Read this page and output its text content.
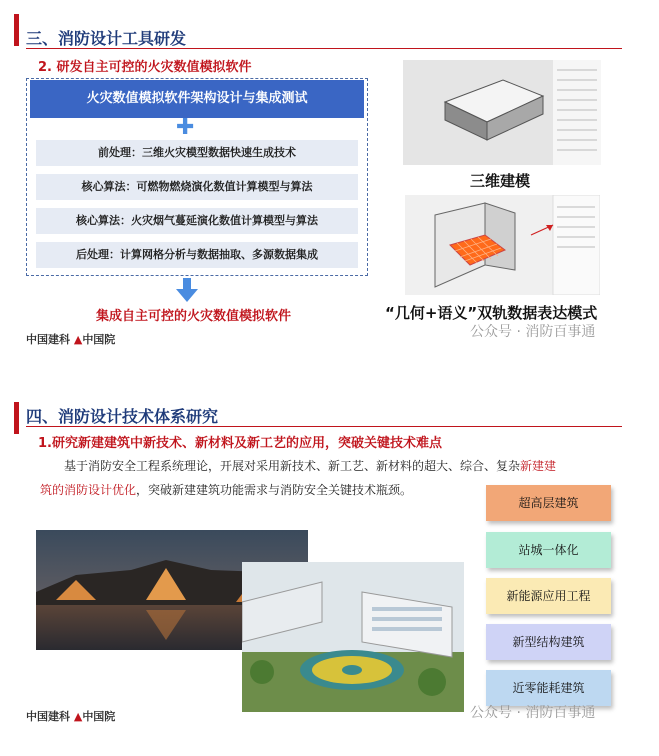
三、消防设计工具研发
2. 研发自主可控的火灾数值模拟软件
火灾数值模拟软件架构设计与集成测试
✚
前处理：三维火灾模型数据快速生成技术
核心算法：可燃物燃烧演化数值计算模型与算法
核心算法：火灾烟气蔓延演化数值计算模型与算法
后处理：计算网格分析与数据抽取、多源数据集成
集成自主可控的火灾数值模拟软件
三维建模
“几何+语义”双轨数据表达模式
中国建科 ▲中国院	公众号 · 消防百事通
四、消防设计技术体系研究
1.研究新建建筑中新技术、新材料及新工艺的应用，突破关键技术难点
基于消防安全工程系统理论，开展对采用新技术、新工艺、新材料的超大、综合、复杂新建建
筑的消防设计优化，突破新建建筑功能需求与消防安全关键技术瓶颈。
超高层建筑
站城一体化
新能源应用工程
新型结构建筑
近零能耗建筑
中国建科 ▲中国院	公众号 · 消防百事通
